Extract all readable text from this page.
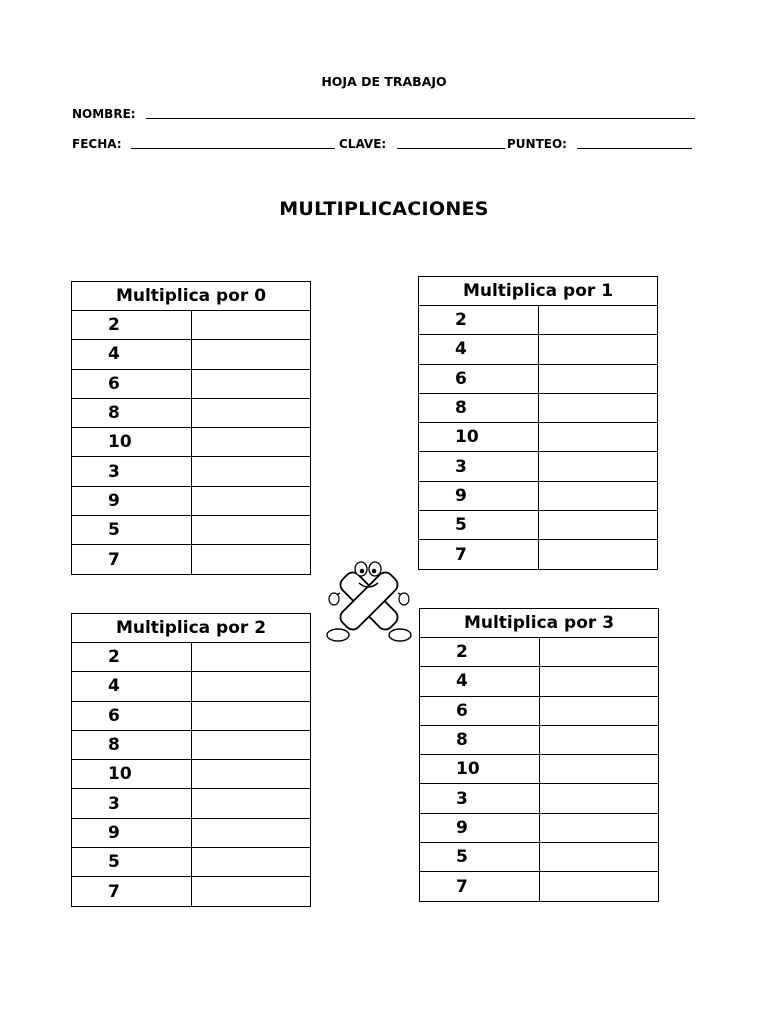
HOJA DE TRABAJO
NOMBRE:
FECHA:	CLAVE:	PUNTEO:
MULTIPLICACIONES
Multiplica por 0	
2	
4	
6	
8	
10	
3	
9	
5	
7	
Multiplica por 1	
2	
4	
6	
8	
10	
3	
9	
5	
7	
Multiplica por 2	
2	
4	
6	
8	
10	
3	
9	
5	
7	
Multiplica por 3	
2	
4	
6	
8	
10	
3	
9	
5	
7	
